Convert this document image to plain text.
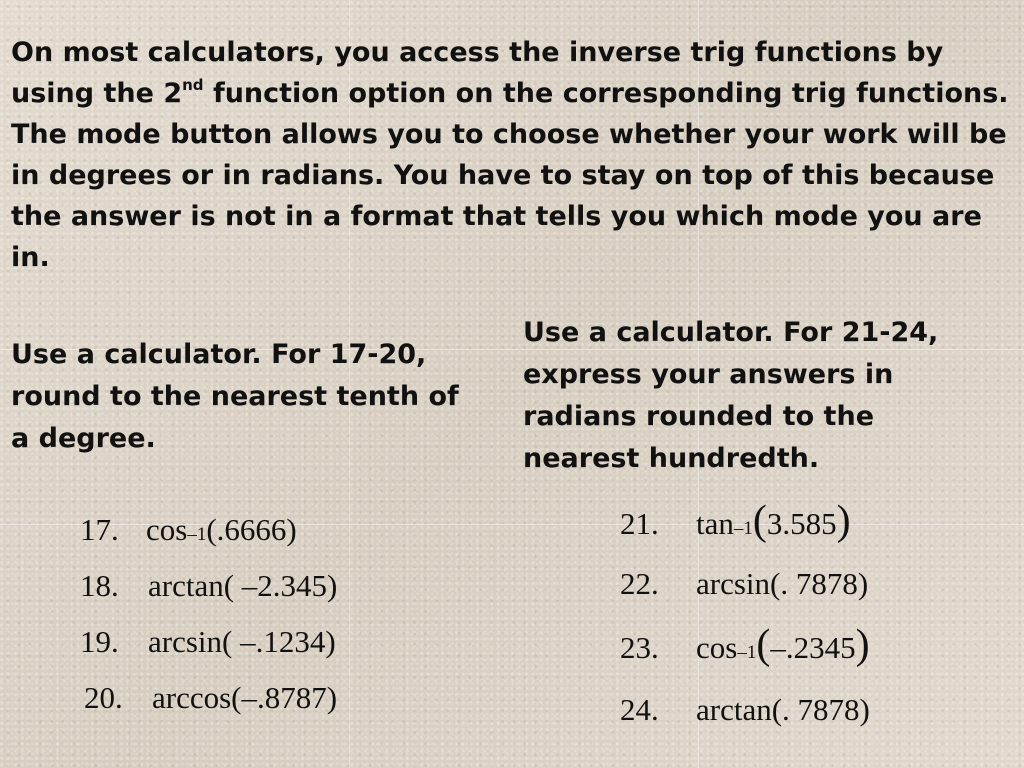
On most calculators, you access the inverse trig functions by using the 2nd function option on the corresponding trig functions. The mode button allows you to choose whether your work will be in degrees or in radians. You have to stay on top of this because the answer is not in a format that tells you which mode you are in.

Use a calculator. For 17-20, round to the nearest tenth of a degree.

Use a calculator. For 21-24, express your answers in radians rounded to the nearest hundredth.

17. cos –1 (.6666)
18. arctan ( –2.345)
19. arcsin ( –.1234)
20. arccos (–.8787)
21.	tan –1 ( 3.585 )
22.	arcsin (. 7878)
23.	cos –1 ( –.2345 )
24.	arctan (. 7878)
